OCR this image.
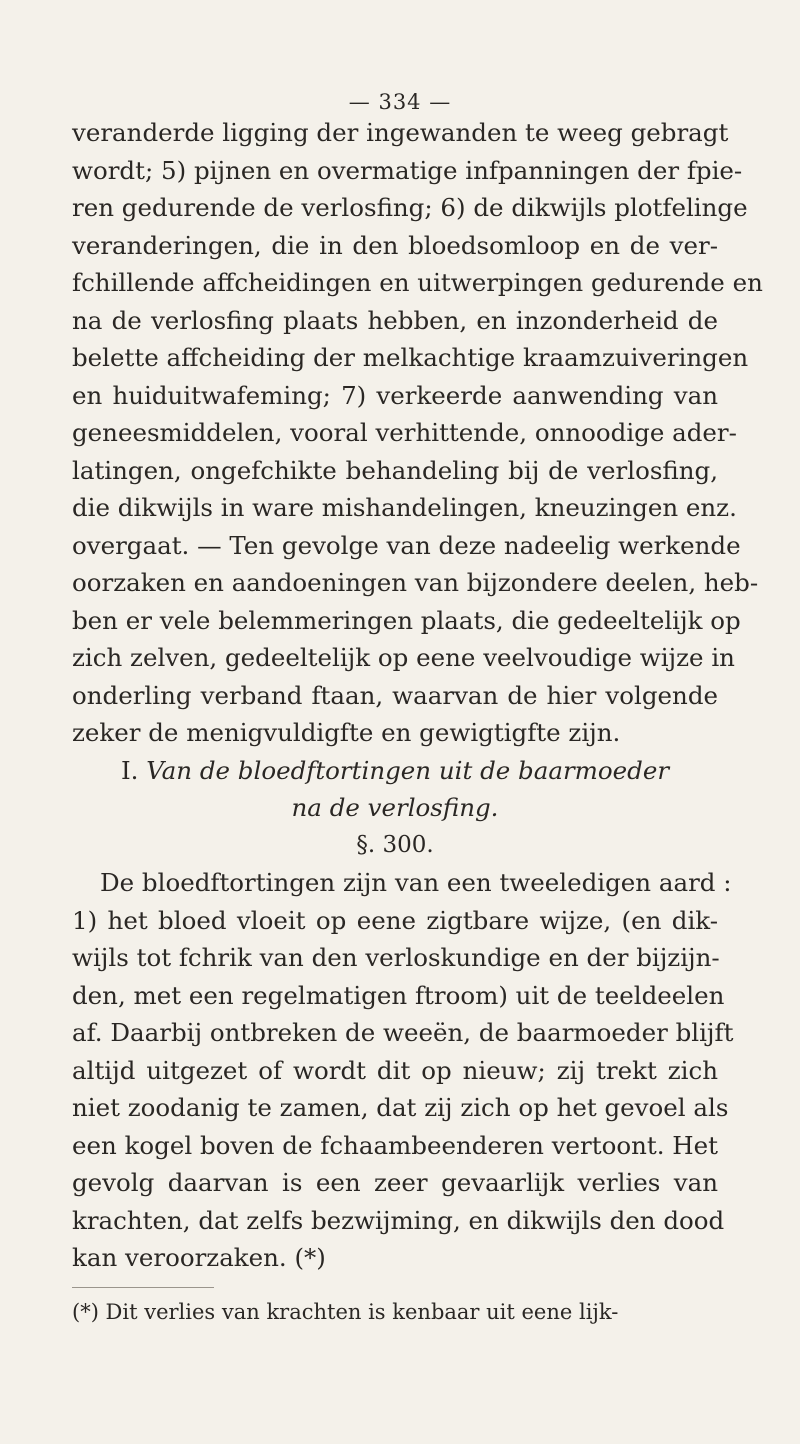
— 334 —
veranderde ligging der ingewanden te weeg gebragt
wordt; 5) pijnen en overmatige infpanningen der fpie-
ren gedurende de verlosfing; 6) de dikwijls plotfelinge
veranderingen, die in den bloedsomloop en de ver-
fchillende affcheidingen en uitwerpingen gedurende en
na de verlosfing plaats hebben, en inzonderheid de
belette affcheiding der melkachtige kraamzuiveringen
en huiduitwafeming; 7) verkeerde aanwending van
geneesmiddelen, vooral verhittende, onnoodige ader-
latingen, ongefchikte behandeling bij de verlosfing,
die dikwijls in ware mishandelingen, kneuzingen enz.
overgaat. — Ten gevolge van deze nadeelig werkende
oorzaken en aandoeningen van bijzondere deelen, heb-
ben er vele belemmeringen plaats, die gedeeltelijk op
zich zelven, gedeeltelijk op eene veelvoudige wijze in
onderling verband ftaan, waarvan de hier volgende
zeker de menigvuldigfte en gewigtigfte zijn.
I. Van de bloedftortingen uit de baarmoeder
na de verlosfing.
§. 300.
De bloedftortingen zijn van een tweeledigen aard :
1) het bloed vloeit op eene zigtbare wijze, (en dik-
wijls tot fchrik van den verloskundige en der bijzijn-
den, met een regelmatigen ftroom) uit de teeldeelen
af. Daarbij ontbreken de weeën, de baarmoeder blijft
altijd uitgezet of wordt dit op nieuw; zij trekt zich
niet zoodanig te zamen, dat zij zich op het gevoel als
een kogel boven de fchaambeenderen vertoont. Het
gevolg daarvan is een zeer gevaarlijk verlies van
krachten, dat zelfs bezwijming, en dikwijls den dood
kan veroorzaken. (*)
(*) Dit verlies van krachten is kenbaar uit eene lijk-
